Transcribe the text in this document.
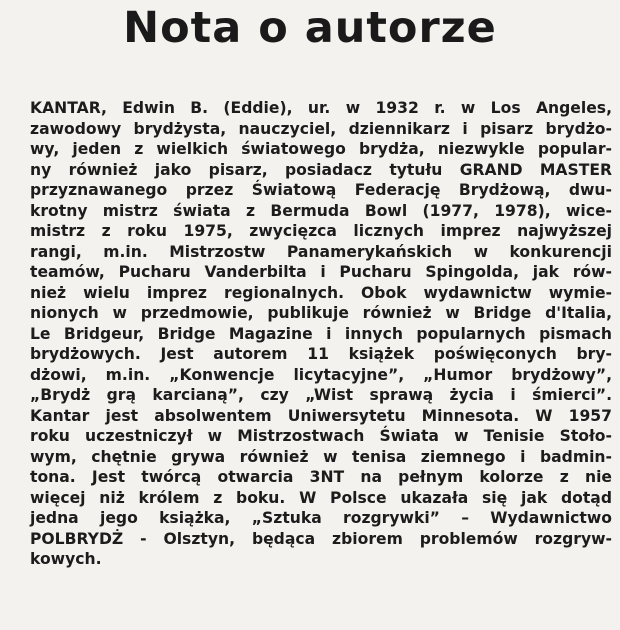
Nota o autorze
KANTAR, Edwin B. (Eddie), ur. w 1932 r. w Los Angeles,
zawodowy brydżysta, nauczyciel, dziennikarz i pisarz brydżo-
wy, jeden z wielkich światowego brydża, niezwykle popular-
ny również jako pisarz, posiadacz tytułu GRAND MASTER
przyznawanego przez Światową Federację Brydżową, dwu-
krotny mistrz świata z Bermuda Bowl (1977, 1978), wice-
mistrz z roku 1975, zwycięzca licznych imprez najwyższej
rangi, m.in. Mistrzostw Panamerykańskich w konkurencji
teamów, Pucharu Vanderbilta i Pucharu Spingolda, jak rów-
nież wielu imprez regionalnych. Obok wydawnictw wymie-
nionych w przedmowie, publikuje również w Bridge d'Italia,
Le Bridgeur, Bridge Magazine i innych popularnych pismach
brydżowych. Jest autorem 11 książek poświęconych bry-
dżowi, m.in. „Konwencje licytacyjne”, „Humor brydżowy”,
„Brydż grą karcianą”, czy „Wist sprawą życia i śmierci”.
Kantar jest absolwentem Uniwersytetu Minnesota. W 1957
roku uczestniczył w Mistrzostwach Świata w Tenisie Stoło-
wym, chętnie grywa również w tenisa ziemnego i badmin-
tona. Jest twórcą otwarcia 3NT na pełnym kolorze z nie
więcej niż królem z boku. W Polsce ukazała się jak dotąd
jedna jego książka, „Sztuka rozgrywki” – Wydawnictwo
POLBRYDŻ - Olsztyn, będąca zbiorem problemów rozgryw-
kowych.
